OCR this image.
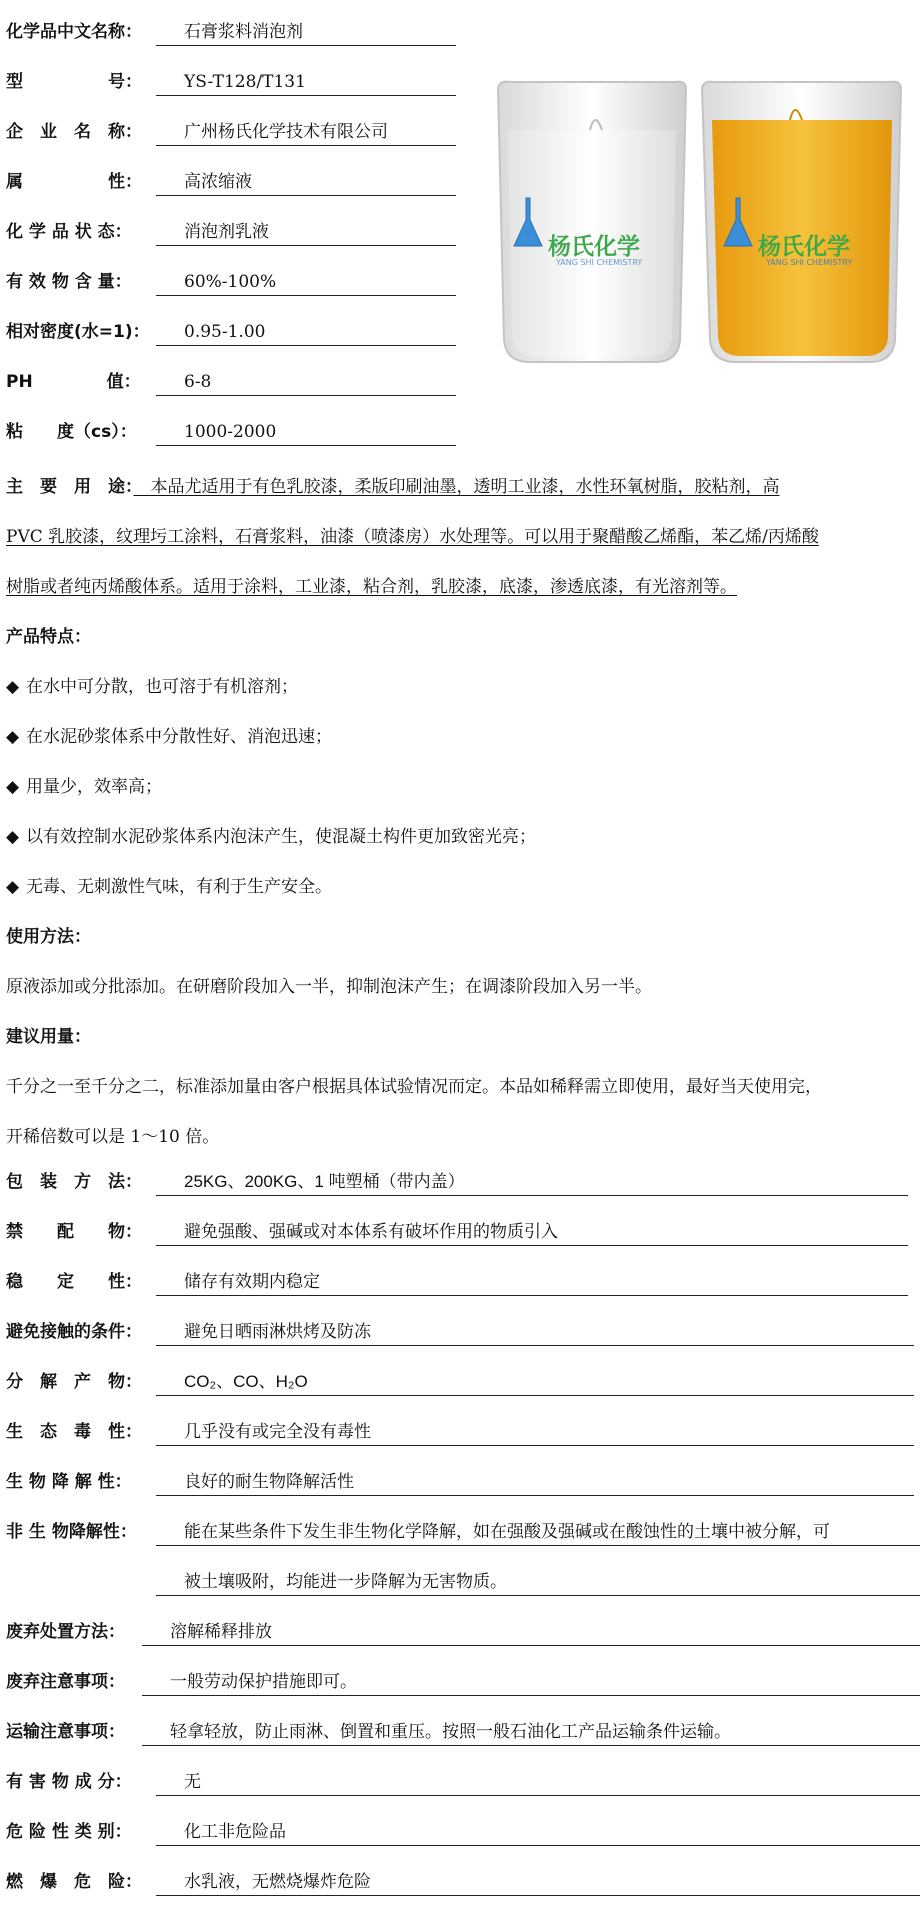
化学品中文名称：	石膏浆料消泡剂
型　　　　　号：	YS-T128/T131
企　业　名　称：	广州杨氏化学技术有限公司
属　　　　　性：	高浓缩液
化 学 品 状 态：	消泡剂乳液
有 效 物 含 量：	60%-100%
相对密度(水=1)：	0.95-1.00
PH　　　　 值：	6-8
粘　　度（cs）：	1000-2000
杨氏化学
YANG SHI CHEMISTRY
杨氏化学
YANG SHI CHEMISTRY
主　要　用　途：　本品尤适用于有色乳胶漆，柔版印刷油墨，透明工业漆，水性环氧树脂，胶粘剂，高
PVC 乳胶漆，纹理圬工涂料，石膏浆料，油漆（喷漆房）水处理等。可以用于聚醋酸乙烯酯，苯乙烯/丙烯酸
树脂或者纯丙烯酸体系。适用于涂料，工业漆，粘合剂，乳胶漆，底漆，渗透底漆，有光溶剂等。
产品特点：
◆ 在水中可分散，也可溶于有机溶剂；
◆ 在水泥砂浆体系中分散性好、消泡迅速；
◆ 用量少，效率高；
◆ 以有效控制水泥砂浆体系内泡沫产生，使混凝土构件更加致密光亮；
◆ 无毒、无刺激性气味，有利于生产安全。
使用方法：
原液添加或分批添加。在研磨阶段加入一半，抑制泡沫产生；在调漆阶段加入另一半。
建议用量：
千分之一至千分之二，标准添加量由客户根据具体试验情况而定。本品如稀释需立即使用，最好当天使用完，
开稀倍数可以是 1～10 倍。
包　装　方　法：	25KG、200KG、1 吨塑桶（带内盖）
禁　　配　　物：	避免强酸、强碱或对本体系有破坏作用的物质引入
稳　　定　　性：	储存有效期内稳定
避免接触的条件：	避免日晒雨淋烘烤及防冻
分　解　产　物：	CO₂、CO、H₂O
生　态　毒　性：	几乎没有或完全没有毒性
生 物 降 解 性：	良好的耐生物降解活性
非 生 物降解性：	能在某些条件下发生非生物化学降解，如在强酸及强碱或在酸蚀性的土壤中被分解，可
被土壤吸附，均能进一步降解为无害物质。
废弃处置方法：	溶解稀释排放
废弃注意事项：	一般劳动保护措施即可。
运输注意事项：	轻拿轻放，防止雨淋、倒置和重压。按照一般石油化工产品运输条件运输。
有 害 物 成 分：	无
危 险 性 类 别：	化工非危险品
燃　爆　危　险：	水乳液，无燃烧爆炸危险
